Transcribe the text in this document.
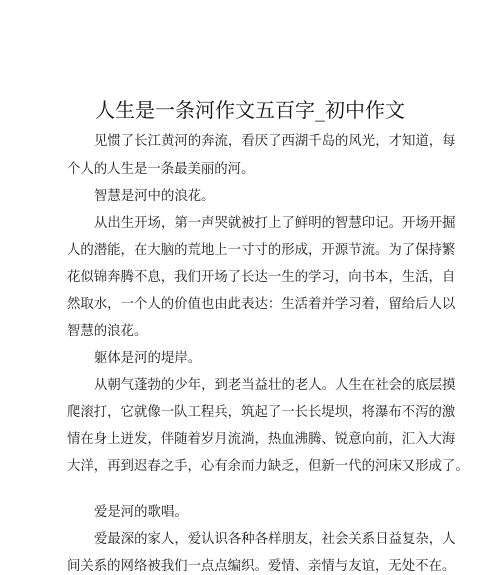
人生是一条河作文五百字_初中作文
见惯了长江黄河的奔流，看厌了西湖千岛的风光，才知道，每
个人的人生是一条最美丽的河。
智慧是河中的浪花。
从出生开场，第一声哭就被打上了鲜明的智慧印记。开场开掘
人的潜能，在大脑的荒地上一寸寸的形成，开源节流。为了保持繁
花似锦奔腾不息，我们开场了长达一生的学习，向书本，生活，自
然取水，一个人的价值也由此表达：生活着并学习着，留给后人以
智慧的浪花。
躯体是河的堤岸。
从朝气蓬勃的少年，到老当益壮的老人。人生在社会的底层摸
爬滚打，它就像一队工程兵，筑起了一长长堤坝，将瀑布不泻的激
情在身上迸发，伴随着岁月流淌，热血沸腾、锐意向前，汇入大海
大洋，再到迟春之手，心有余而力缺乏，但新一代的河床又形成了。
爱是河的歌唱。
爱最深的家人，爱认识各种各样朋友，社会关系日益复杂，人
间关系的网络被我们一点点编织。爱情、亲情与友谊，无处不在。
